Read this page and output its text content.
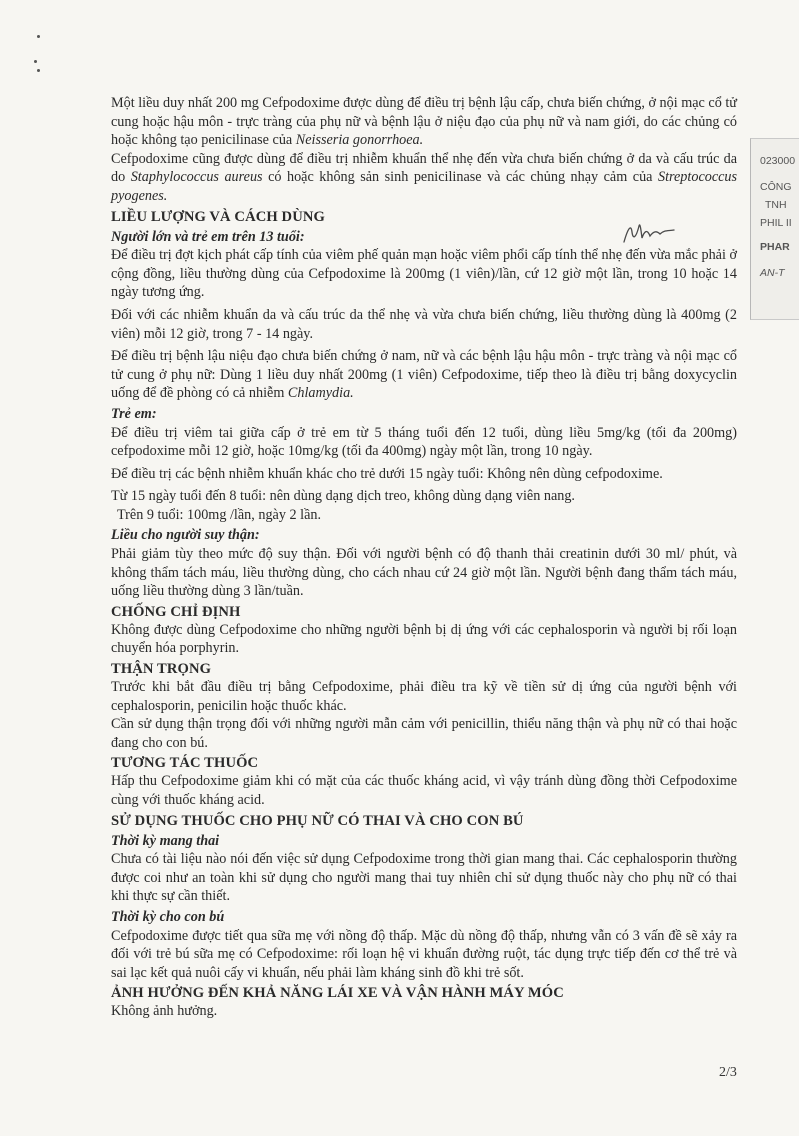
Một liều duy nhất 200 mg Cefpodoxime được dùng để điều trị bệnh lậu cấp, chưa biến chứng, ở nội mạc cổ tử cung hoặc hậu môn - trực tràng của phụ nữ và bệnh lậu ở niệu đạo của phụ nữ và nam giới, do các chủng có hoặc không tạo penicilinase của Neisseria gonorrhoea.

Cefpodoxime cũng được dùng để điều trị nhiễm khuẩn thể nhẹ đến vừa chưa biến chứng ở da và cấu trúc da do Staphylococcus aureus có hoặc không sản sinh penicilinase và các chủng nhạy cảm của Streptococcus pyogenes.

LIỀU LƯỢNG VÀ CÁCH DÙNG
Người lớn và trẻ em trên 13 tuổi:

Để điều trị đợt kịch phát cấp tính của viêm phế quản mạn hoặc viêm phổi cấp tính thể nhẹ đến vừa mắc phải ở cộng đồng, liều thường dùng của Cefpodoxime là 200mg (1 viên)/lần, cứ 12 giờ một lần, trong 10 hoặc 14 ngày tương ứng.

Đối với các nhiễm khuẩn da và cấu trúc da thể nhẹ và vừa chưa biến chứng, liều thường dùng là 400mg (2 viên) mỗi 12 giờ, trong 7 - 14 ngày.

Để điều trị bệnh lậu niệu đạo chưa biến chứng ở nam, nữ và các bệnh lậu hậu môn - trực tràng và nội mạc cổ tử cung ở phụ nữ: Dùng 1 liều duy nhất 200mg (1 viên) Cefpodoxime, tiếp theo là điều trị bằng doxycyclin uống để đề phòng có cả nhiễm Chlamydia.

Trẻ em:

Để điều trị viêm tai giữa cấp ở trẻ em từ 5 tháng tuổi đến 12 tuổi, dùng liều 5mg/kg (tối đa 200mg) cefpodoxime mỗi 12 giờ, hoặc 10mg/kg (tối đa 400mg) ngày một lần, trong 10 ngày.

Để điều trị các bệnh nhiễm khuẩn khác cho trẻ dưới 15 ngày tuổi: Không nên dùng cefpodoxime.

Từ 15 ngày tuổi đến 8 tuổi: nên dùng dạng dịch treo, không dùng dạng viên nang.

Trên 9 tuổi: 100mg /lần, ngày 2 lần.

Liều cho người suy thận:

Phải giảm tùy theo mức độ suy thận. Đối với người bệnh có độ thanh thải creatinin dưới 30 ml/ phút, và không thẩm tách máu, liều thường dùng, cho cách nhau cứ 24 giờ một lần. Người bệnh đang thẩm tách máu, uống liều thường dùng 3 lần/tuần.

CHỐNG CHỈ ĐỊNH

Không được dùng Cefpodoxime cho những người bệnh bị dị ứng với các cephalosporin và người bị rối loạn chuyển hóa porphyrin.

THẬN TRỌNG

Trước khi bắt đầu điều trị bằng Cefpodoxime, phải điều tra kỹ về tiền sử dị ứng của người bệnh với cephalosporin, penicilin hoặc thuốc khác.

Cần sử dụng thận trọng đối với những người mẫn cảm với penicillin, thiểu năng thận và phụ nữ có thai hoặc đang cho con bú.

TƯƠNG TÁC THUỐC

Hấp thu Cefpodoxime giảm khi có mặt của các thuốc kháng acid, vì vậy tránh dùng đồng thời Cefpodoxime cùng với thuốc kháng acid.

SỬ DỤNG THUỐC CHO PHỤ NỮ CÓ THAI VÀ CHO CON BÚ
Thời kỳ mang thai

Chưa có tài liệu nào nói đến việc sử dụng Cefpodoxime trong thời gian mang thai. Các cephalosporin thường được coi như an toàn khi sử dụng cho người mang thai tuy nhiên chỉ sử dụng thuốc này cho phụ nữ có thai khi thực sự cần thiết.

Thời kỳ cho con bú

Cefpodoxime được tiết qua sữa mẹ với nồng độ thấp. Mặc dù nồng độ thấp, nhưng vẫn có 3 vấn đề sẽ xảy ra đối với trẻ bú sữa mẹ có Cefpodoxime: rối loạn hệ vi khuẩn đường ruột, tác dụng trực tiếp đến cơ thể trẻ và sai lạc kết quả nuôi cấy vi khuẩn, nếu phải làm kháng sinh đồ khi trẻ sốt.

ẢNH HƯỞNG ĐẾN KHẢ NĂNG LÁI XE VÀ VẬN HÀNH MÁY MÓC

Không ảnh hưởng.

023000
CÔNG
TNH
PHIL II
PHAR
AN-T
2/3
